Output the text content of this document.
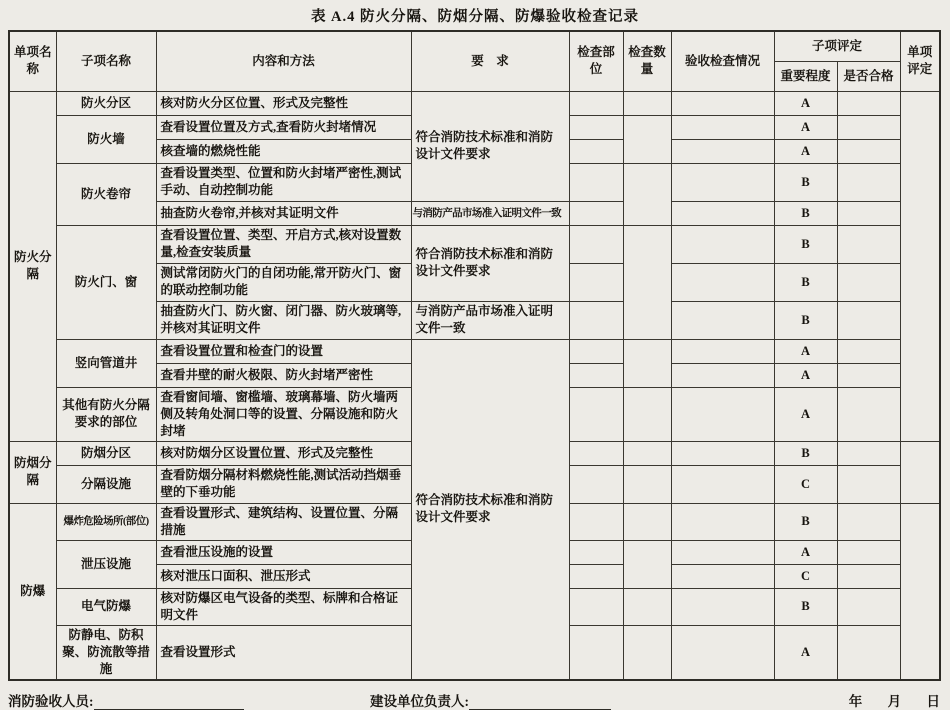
表 A.4 防火分隔、防烟分隔、防爆验收检查记录
单项名称	子项名称	内容和方法	要　求	检查部位	检查数量	验收检查情况	子项评定		单项评定
							重要程度	是否合格	
防火分隔	防火分区	核对防火分区位置、形式及完整性	符合消防技术标准和消防设计文件要求				A		
	防火墙	查看设置位置及方式,查看防火封堵情况					A		
		核查墙的燃烧性能					A		
	防火卷帘	查看设置类型、位置和防火封堵严密性,测试手动、自动控制功能					B		
		抽查防火卷帘,并核对其证明文件	与消防产品市场准入证明文件一致				B		
	防火门、窗	查看设置位置、类型、开启方式,核对设置数量,检查安装质量	符合消防技术标准和消防设计文件要求				B		
		测试常闭防火门的自闭功能,常开防火门、窗的联动控制功能					B		
		抽查防火门、防火窗、闭门器、防火玻璃等,并核对其证明文件	与消防产品市场准入证明文件一致				B		
	竖向管道井	查看设置位置和检查门的设置	符合消防技术标准和消防设计文件要求				A		
		查看井壁的耐火极限、防火封堵严密性					A		
	其他有防火分隔要求的部位	查看窗间墙、窗槛墙、玻璃幕墙、防火墙两侧及转角处洞口等的设置、分隔设施和防火封堵					A		
防烟分隔	防烟分区	核对防烟分区设置位置、形式及完整性					B		
	分隔设施	查看防烟分隔材料燃烧性能,测试活动挡烟垂壁的下垂功能					C		
防爆	爆炸危险场所(部位)	查看设置形式、建筑结构、设置位置、分隔措施					B		
	泄压设施	查看泄压设施的设置					A		
		核对泄压口面积、泄压形式					C		
	电气防爆	核对防爆区电气设备的类型、标牌和合格证明文件					B		
	防静电、防积聚、防流散等措施	查看设置形式					A		
消防验收人员:	建设单位负责人:	年 月 日
